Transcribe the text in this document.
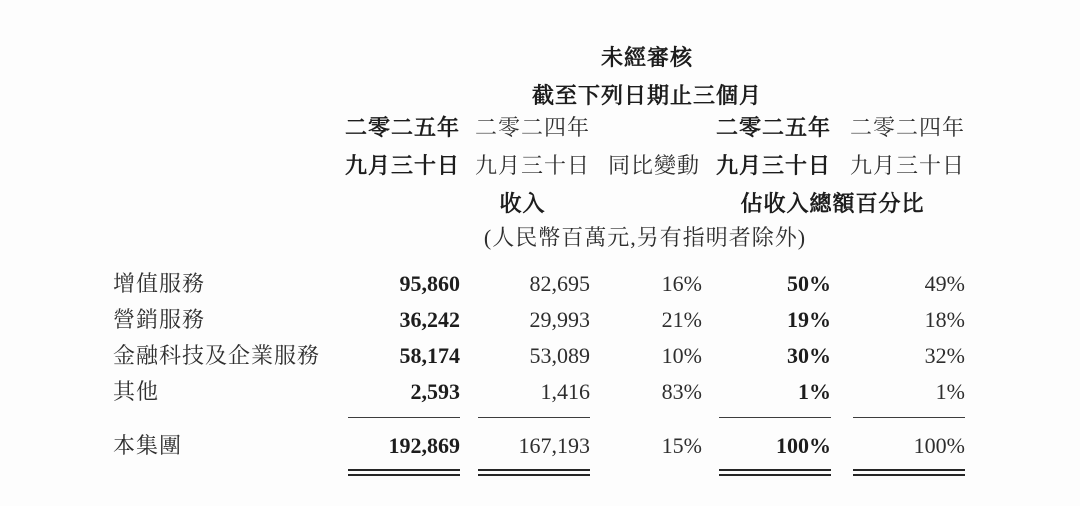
未經審核
截至下列日期止三個月
二零二五年 二零二四年	二零二五年 二零二四年
九月三十日 九月三十日 同比變動 九月三十日 九月三十日
收入	佔收入總額百分比
(人民幣百萬元,另有指明者除外)
增值服務	95,860	82,695	16%	50%	49%
營銷服務	36,242	29,993	21%	19%	18%
金融科技及企業服務	58,174	53,089	10%	30%	32%
其他	2,593	1,416	83%	1%	1%
本集團	192,869	167,193	15%	100%	100%
